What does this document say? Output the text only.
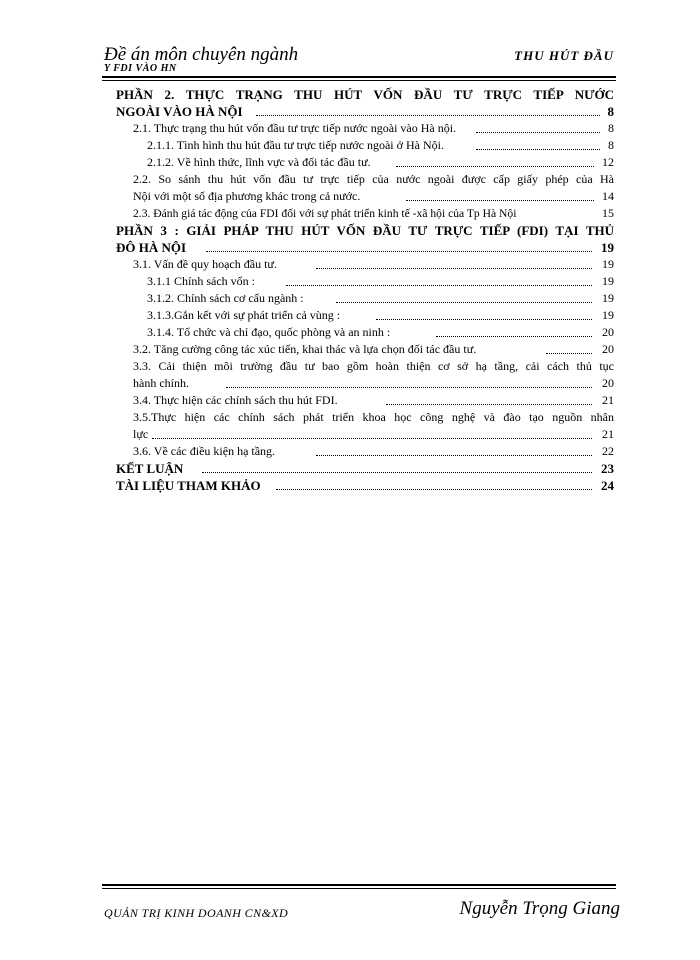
Đề án môn chuyên ngành
Y FDI VÀO HN
THU HÚT ĐẦU
PHẦN 2. THỰC TRẠNG THU HÚT VỐN ĐẦU TƯ TRỰC TIẾP NƯỚC
NGOÀI VÀO HÀ NỘI	8
2.1. Thực trạng thu hút vốn đầu tư trực tiếp nước ngoài vào Hà nội.	8
2.1.1. Tình hình thu hút đầu tư trực tiếp nước ngoài ở Hà Nội.	8
2.1.2. Về hình thức, lĩnh vực và đối tác đầu tư.	12
2.2. So sánh thu hút vốn đầu tư trực tiếp của nước ngoài được cấp giấy phép của Hà
Nội với một số địa phương khác trong cả nước.	14
2.3. Đánh giá tác động của FDI đối với sự phát triển kinh tế -xã hội của Tp Hà Nội	15
PHẦN 3 : GIẢI PHÁP THU HÚT VỐN ĐẦU TƯ TRỰC TIẾP (FDI) TẠI THỦ
ĐÔ HÀ NỘI	19
3.1. Vấn đề quy hoạch đầu tư.	19
3.1.1 Chính sách vốn :	19
3.1.2. Chính sách cơ cấu ngành :	19
3.1.3.Gắn kết với sự phát triển cả vùng :	19
3.1.4. Tổ chức và chỉ đạo, quốc phòng và an ninh :	20
3.2. Tăng cường công tác xúc tiến, khai thác và lựa chọn đối tác đầu tư.	20
3.3. Cải thiện môi trường đầu tư bao gồm hoàn thiện cơ sở hạ tầng, cải cách thủ tục
hành chính.	20
3.4. Thực hiện các chính sách thu hút FDI.	21
3.5.Thực hiện các chính sách phát triển khoa học công nghệ và đào tạo nguồn nhân
lực	21
3.6. Về các điều kiện hạ tầng.	22
KẾT LUẬN	23
TÀI LIỆU THAM KHẢO	24
QUẢN TRỊ KINH DOANH CN&XD	Nguyễn Trọng Giang
